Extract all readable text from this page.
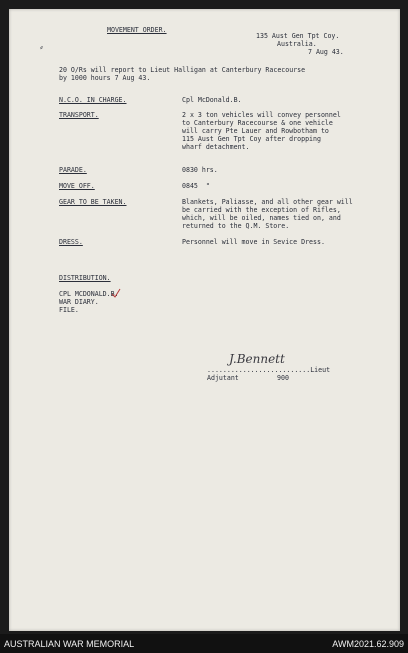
MOVEMENT ORDER.
135 Aust Gen Tpt Coy.
Australia.
7 Aug 43.
⸗
20 O/Rs will report to Lieut Halligan at Canterbury Racecourse
by 1000 hours 7 Aug 43.
N.C.O. IN CHARGE.	Cpl McDonald.B.
TRANSPORT.	2 x 3 ton vehicles will convey personnel
to Canterbury Racecourse & one vehicle
will carry Pte Lauer and Rowbotham to
115 Aust Gen Tpt Coy after dropping
wharf detachment.
PARADE.	0830 hrs.
MOVE OFF.	0845  "
GEAR TO BE TAKEN.	Blankets, Paliasse, and all other gear will
be carried with the exception of Rifles,
which, will be oiled, names tied on, and
returned to the Q.M. Store.
DRESS.	Personnel will move in Sevice Dress.
DISTRIBUTION.
CPL MCDONALD.B.
WAR DIARY.
FILE.
J.Bennett
..........................Lieut
Adjutant	900
AUSTRALIAN WAR MEMORIAL	AWM2021.62.909
